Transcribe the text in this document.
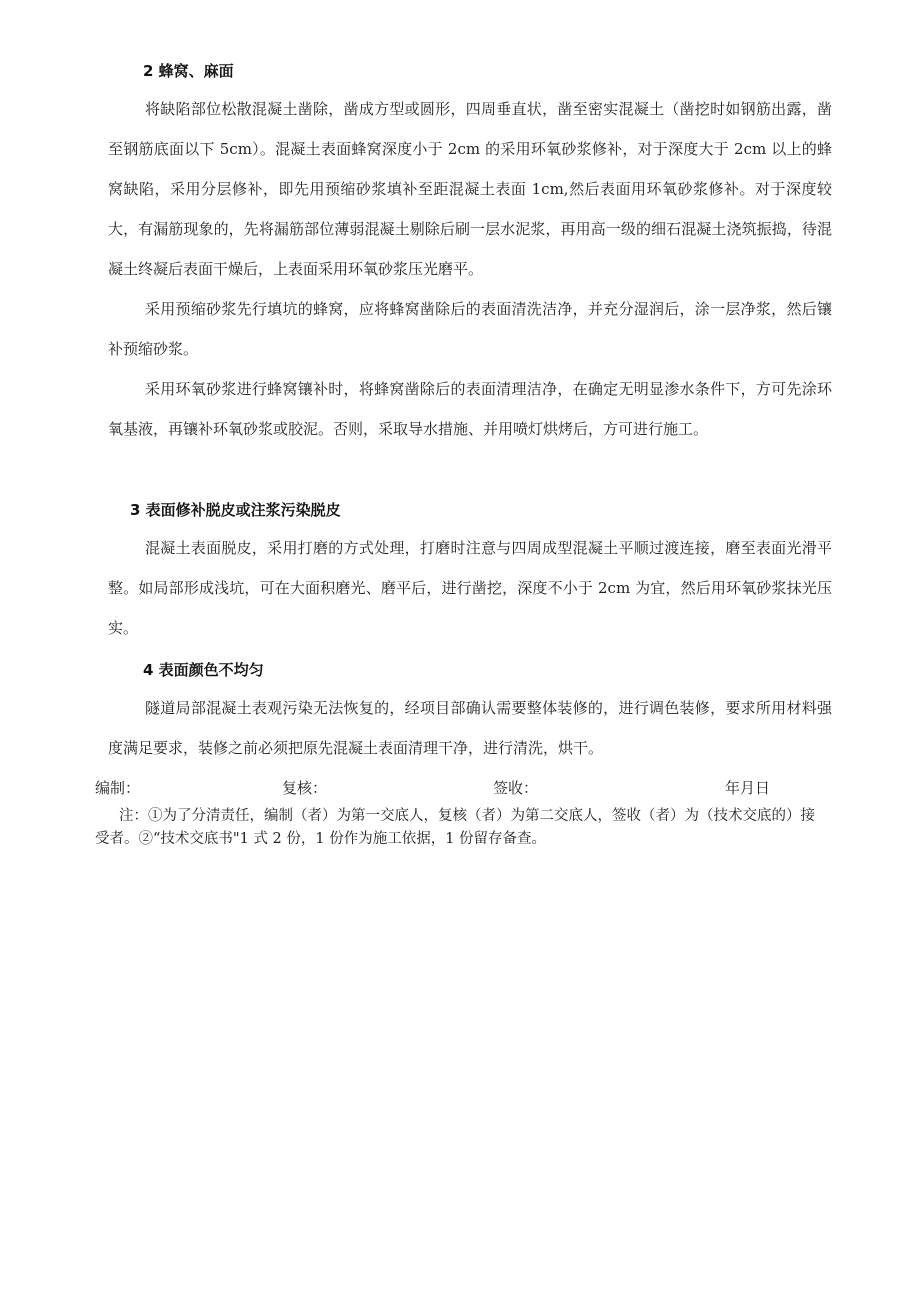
2 蜂窝、麻面
将缺陷部位松散混凝土凿除，凿成方型或圆形，四周垂直状，凿至密实混凝土（凿挖时如钢筋出露，凿至钢筋底面以下 5cm）。混凝土表面蜂窝深度小于 2cm 的采用环氧砂浆修补，对于深度大于 2cm 以上的蜂窝缺陷，采用分层修补，即先用预缩砂浆填补至距混凝土表面 1cm,然后表面用环氧砂浆修补。对于深度较大，有漏筋现象的，先将漏筋部位薄弱混凝土剔除后刷一层水泥浆，再用高一级的细石混凝土浇筑振捣，待混凝土终凝后表面干燥后，上表面采用环氧砂浆压光磨平。
采用预缩砂浆先行填坑的蜂窝，应将蜂窝凿除后的表面清洗洁净，并充分湿润后，涂一层净浆，然后镶补预缩砂浆。
采用环氧砂浆进行蜂窝镶补时，将蜂窝凿除后的表面清理洁净，在确定无明显渗水条件下，方可先涂环氧基液，再镶补环氧砂浆或胶泥。否则，采取导水措施、并用喷灯烘烤后，方可进行施工。
3 表面修补脱皮或注浆污染脱皮
混凝土表面脱皮，采用打磨的方式处理，打磨时注意与四周成型混凝土平顺过渡连接，磨至表面光滑平整。如局部形成浅坑，可在大面积磨光、磨平后，进行凿挖，深度不小于 2cm 为宜，然后用环氧砂浆抹光压实。
4 表面颜色不均匀
隧道局部混凝土表观污染无法恢复的，经项目部确认需要整体装修的，进行调色装修，要求所用材料强度满足要求，装修之前必须把原先混凝土表面清理干净，进行清洗，烘干。
编制：	复核：	签收：	年月日
注：①为了分清责任，编制（者）为第一交底人，复核（者）为第二交底人，签收（者）为（技术交底的）接受者。②“技术交底书"1 式 2 份，1 份作为施工依据，1 份留存备查。
